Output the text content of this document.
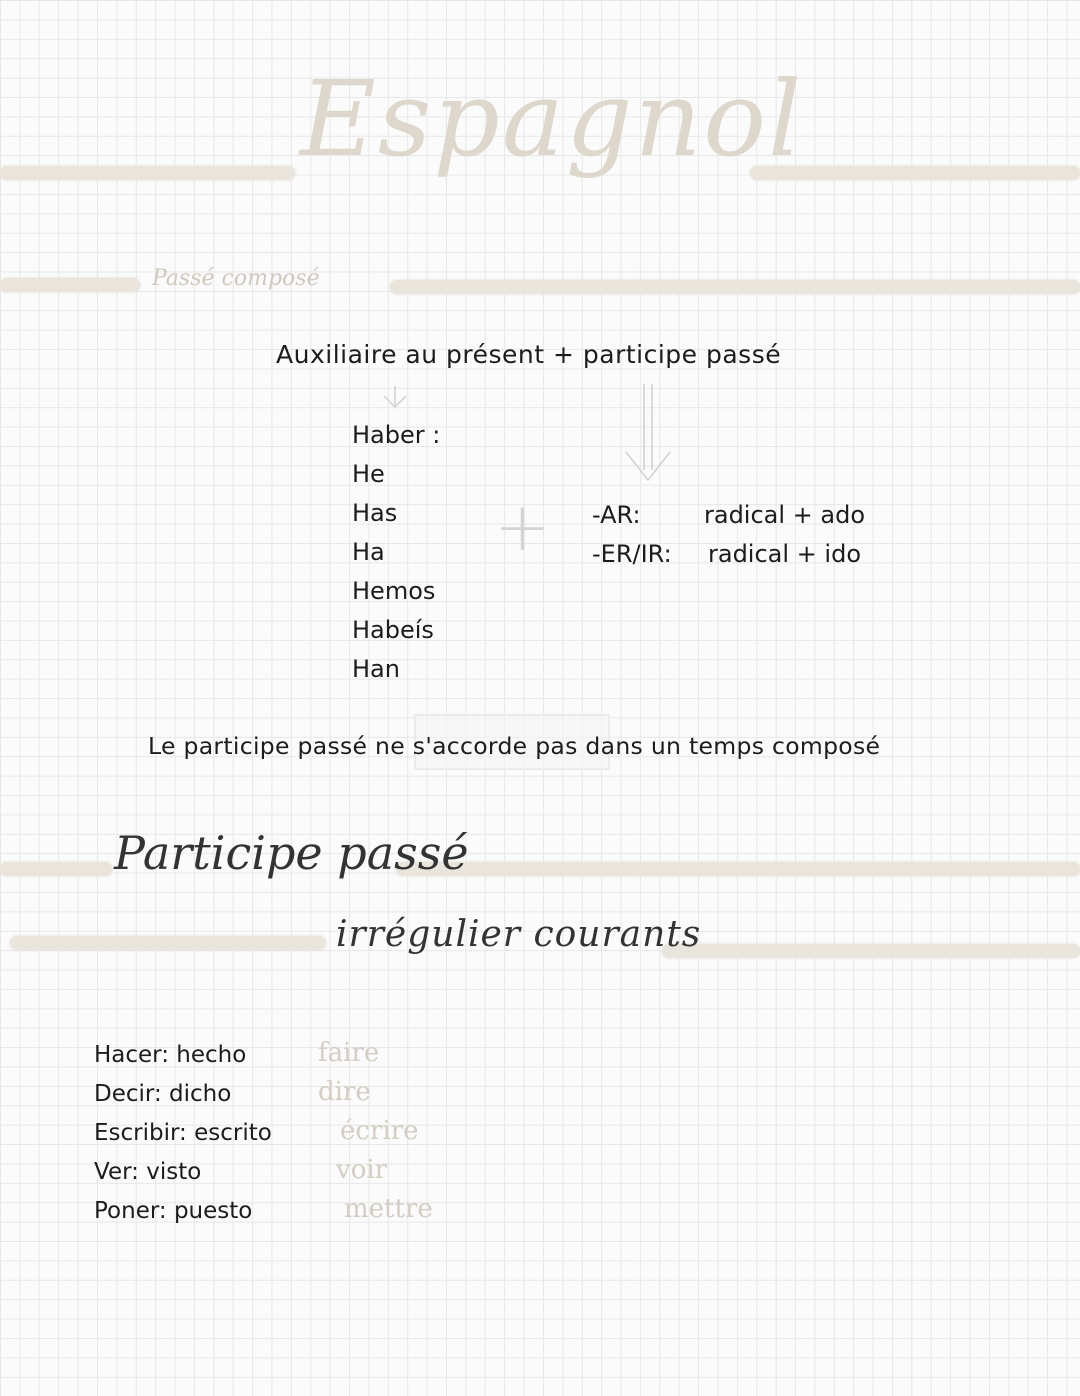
Espagnol
Passé composé
Auxiliaire au présent + participe passé
Haber :
He
Has
Ha
Hemos
Habeís
Han
+ -AR:	radical + ado
-ER/IR: radical + ido
Le participe passé ne s'accorde pas dans un temps composé
Participe passé
irrégulier courants
Hacer: hecho
Decir: dicho
Escribir: escrito
Ver: visto
Poner: puesto
faire
dire
écrire
voir
mettre
